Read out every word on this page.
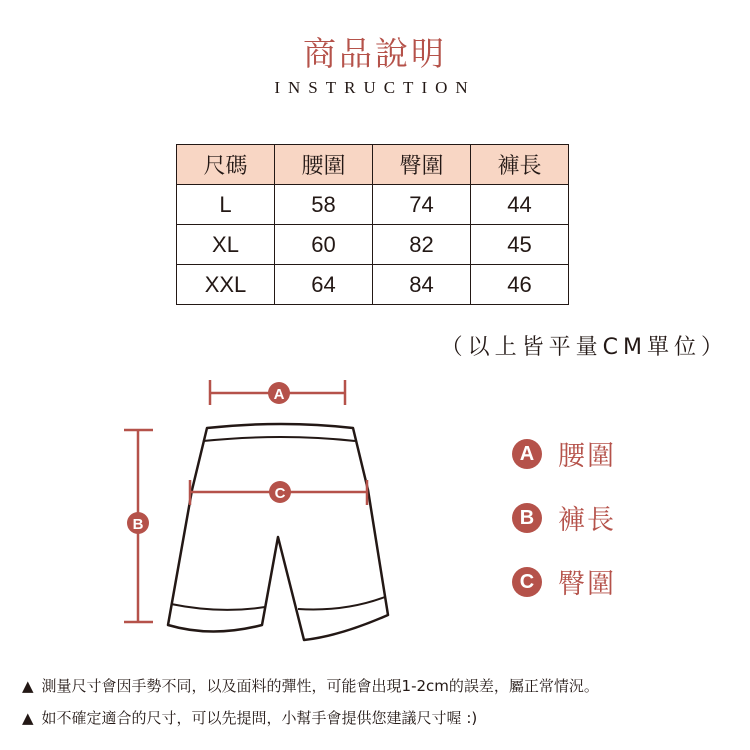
商品說明
INSTRUCTION
尺碼	腰圍	臀圍	褲長
L	58	74	44
XL	60	82	45
XXL	64	84	46
（以上皆平量CM單位）
A
C
B
A 腰圍
B 褲長
C 臀圍
▲ 測量尺寸會因手勢不同，以及面料的彈性，可能會出現1-2cm的誤差，屬正常情況。
▲ 如不確定適合的尺寸，可以先提問，小幫手會提供您建議尺寸喔 :)
